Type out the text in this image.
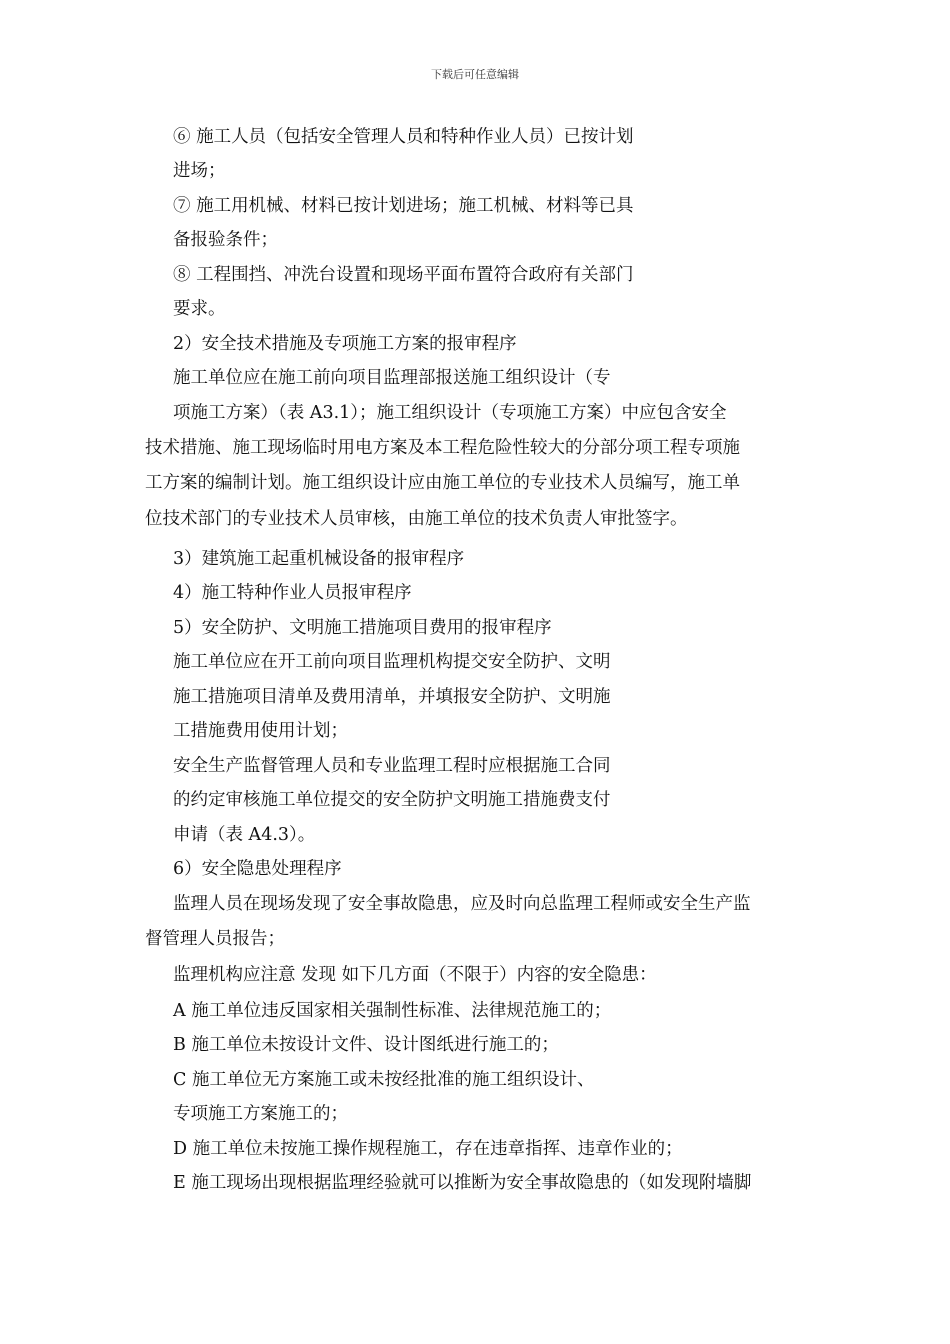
下载后可任意编辑
⑥ 施工人员（包括安全管理人员和特种作业人员）已按计划
进场；
⑦ 施工用机械、材料已按计划进场；施工机械、材料等已具
备报验条件；
⑧ 工程围挡、冲洗台设置和现场平面布置符合政府有关部门
要求。
2）安全技术措施及专项施工方案的报审程序
施工单位应在施工前向项目监理部报送施工组织设计（专
项施工方案）（表 A3.1）；施工组织设计（专项施工方案）中应包含安全
技术措施、施工现场临时用电方案及本工程危险性较大的分部分项工程专项施
工方案的编制计划。施工组织设计应由施工单位的专业技术人员编写，施工单
位技术部门的专业技术人员审核，由施工单位的技术负责人审批签字。
3）建筑施工起重机械设备的报审程序
4）施工特种作业人员报审程序
5）安全防护、文明施工措施项目费用的报审程序
施工单位应在开工前向项目监理机构提交安全防护、文明
施工措施项目清单及费用清单，并填报安全防护、文明施
工措施费用使用计划；
安全生产监督管理人员和专业监理工程时应根据施工合同
的约定审核施工单位提交的安全防护文明施工措施费支付
申请（表 A4.3）。
6）安全隐患处理程序
监理人员在现场发现了安全事故隐患，应及时向总监理工程师或安全生产监
督管理人员报告；
监理机构应注意 发现 如下几方面（不限于）内容的安全隐患：
A 施工单位违反国家相关强制性标准、法律规范施工的；
B 施工单位未按设计文件、设计图纸进行施工的；
C 施工单位无方案施工或未按经批准的施工组织设计、
专项施工方案施工的；
D 施工单位未按施工操作规程施工，存在违章指挥、违章作业的；
E 施工现场出现根据监理经验就可以推断为安全事故隐患的（如发现附墙脚
